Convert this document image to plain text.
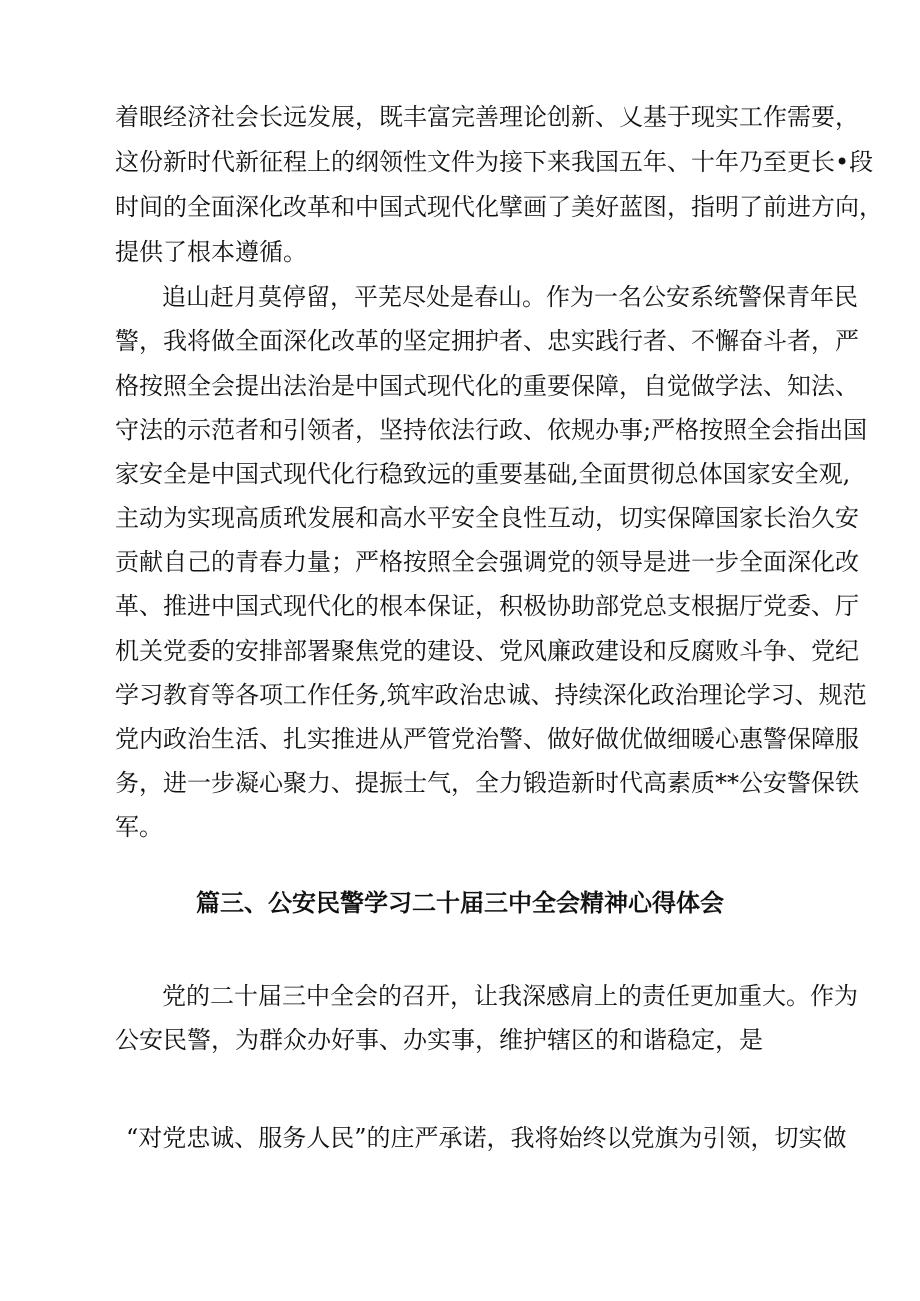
着眼经济社会长远发展，既丰富完善理论创新、乂基于现实工作需要，
这份新时代新征程上的纲领性文件为接下来我国五年、十年乃至更长•段
时间的全面深化改革和中国式现代化擘画了美好蓝图，指明了前进方向，
提供了根本遵循。
追山赶月莫停留，平芜尽处是春山。作为一名公安系统警保青年民
警，我将做全面深化改革的坚定拥护者、忠实践行者、不懈奋斗者，严
格按照全会提出法治是中国式现代化的重要保障，自觉做学法、知法、
守法的示范者和引领者，坚持依法行政、依规办事;严格按照全会指出国
家安全是中国式现代化行稳致远的重要基础,全面贯彻总体国家安全观,
主动为实现高质玳发展和高水平安全良性互动，切实保障国家长治久安
贡献自己的青春力量；严格按照全会强调党的领导是进一步全面深化改
革、推进中国式现代化的根本保证，积极协助部党总支根据厅党委、厅
机关党委的安排部署聚焦党的建设、党风廉政建设和反腐败斗争、党纪
学习教育等各项工作任务,筑牢政治忠诚、持续深化政治理论学习、规范
党内政治生活、扎实推进从严管党治警、做好做优做细暖心惠警保障服
务，进一步凝心聚力、提振士气，全力锻造新时代高素质**公安警保铁
军。
篇三、公安民警学习二十届三中全会精神心得体会
党的二十届三中全会的召开，让我深感肩上的责任更加重大。作为
公安民警，为群众办好事、办实事，维护辖区的和谐稳定，是
“对党忠诚、服务人民”的庄严承诺，我将始终以党旗为引领，切实做
